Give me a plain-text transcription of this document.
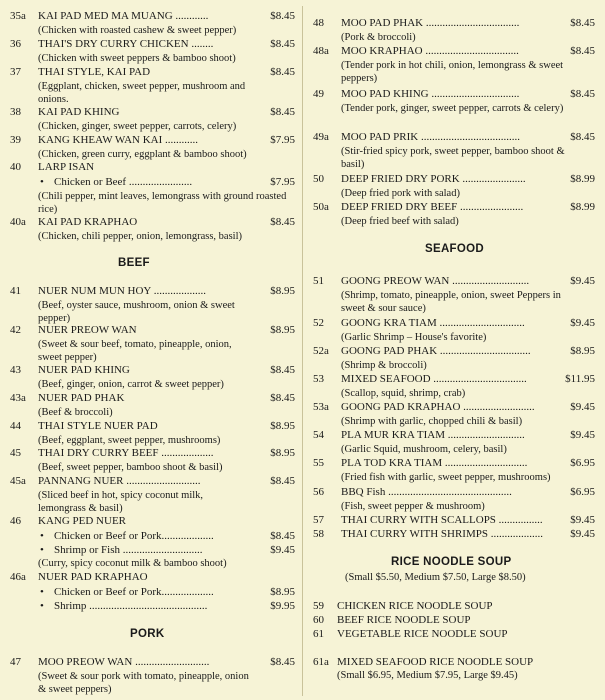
35a KAI PAD MED MA MUANG ............	$8.45
(Chicken with roasted cashew & sweet pepper)
36 THAI'S DRY CURRY CHICKEN ........	$8.45
(Chicken with sweet peppers & bamboo shoot)
37 THAI STYLE, KAI PAD	$8.45
(Eggplant, chicken, sweet pepper, mushroom and onions.
38 KAI PAD KHING	$8.45
(Chicken, ginger, sweet pepper, carrots, celery)
39 KANG KHEAW WAN KAI ............	$7.95
(Chicken, green curry, eggplant & bamboo shoot)
40 LARP ISAN
• Chicken or Beef .......................	$7.95
(Chili pepper, mint leaves, lemongrass with ground roasted rice)
40a KAI PAD KRAPHAO	$8.45
(Chicken, chili pepper, onion, lemongrass, basil)
BEEF
41 NUER NUM MUN HOY ...................	$8.95
(Beef, oyster sauce, mushroom, onion & sweet pepper)
42 NUER PREOW WAN	$8.95
(Sweet & sour beef, tomato, pineapple, onion, sweet pepper)
43 NUER PAD KHING	$8.45
(Beef, ginger, onion, carrot & sweet pepper)
43a NUER PAD PHAK	$8.45
(Beef & broccoli)
44 THAI STYLE NUER PAD	$8.95
(Beef, eggplant, sweet pepper, mushrooms)
45 THAI DRY CURRY BEEF ...................	$8.95
(Beef, sweet pepper, bamboo shoot & basil)
45a PANNANG NUER ...........................	$8.45
(Sliced beef in hot, spicy coconut milk, lemongrass & basil)
46 KANG PED NUER
• Chicken or Beef or Pork...................	$8.45
• Shrimp or Fish .............................	$9.45
(Curry, spicy coconut milk & bamboo shoot)
46a NUER PAD KRAPHAO
• Chicken or Beef or Pork...................	$8.95
• Shrimp ...........................................	$9.95
PORK
47 MOO PREOW WAN ...........................	$8.45
(Sweet & sour pork with tomato, pineapple, onion & sweet peppers)
48 MOO PAD PHAK ..................................	$8.45
(Pork & broccoli)
48a MOO KRAPHAO ..................................	$8.45
(Tender pork in hot chili, onion, lemongrass & sweet peppers)
49 MOO PAD KHING ................................	$8.45
(Tender pork, ginger, sweet pepper, carrots & celery)
49a MOO PAD PRIK ....................................	$8.45
(Stir-fried spicy pork, sweet pepper, bamboo shoot & basil)
50 DEEP FRIED DRY PORK .......................	$8.99
(Deep fried pork with salad)
50a DEEP FRIED DRY BEEF .......................	$8.99
(Deep fried beef with salad)
SEAFOOD
51 GOONG PREOW WAN ............................	$9.45
(Shrimp, tomato, pineapple, onion, sweet Peppers in sweet & sour sauce)
52 GOONG KRA TIAM ...............................	$9.45
(Garlic Shrimp – House's favorite)
52a GOONG PAD PHAK .................................	$8.95
(Shrimp & broccoli)
53 MIXED SEAFOOD ..................................	$11.95
(Scallop, squid, shrimp, crab)
53a GOONG PAD KRAPHAO ..........................	$9.45
(Shrimp with garlic, chopped chili & basil)
54 PLA MUR KRA TIAM ............................	$9.45
(Garlic Squid, mushroom, celery, basil)
55 PLA TOD KRA TIAM ..............................	$6.95
(Fried fish with garlic, sweet pepper, mushrooms)
56 BBQ Fish .............................................	$6.95
(Fish, sweet pepper & mushroom)
57 THAI CURRY WITH SCALLOPS ................	$9.45
58 THAI CURRY WITH SHRIMPS ................... $9.45
RICE NOODLE SOUP
(Small $5.50, Medium $7.50, Large $8.50)
59 CHICKEN RICE NOODLE SOUP
60 BEEF RICE NOODLE SOUP
61 VEGETABLE RICE NOODLE SOUP
61a MIXED SEAFOOD RICE NOODLE SOUP
(Small $6.95, Medium $7.95, Large $9.45)
